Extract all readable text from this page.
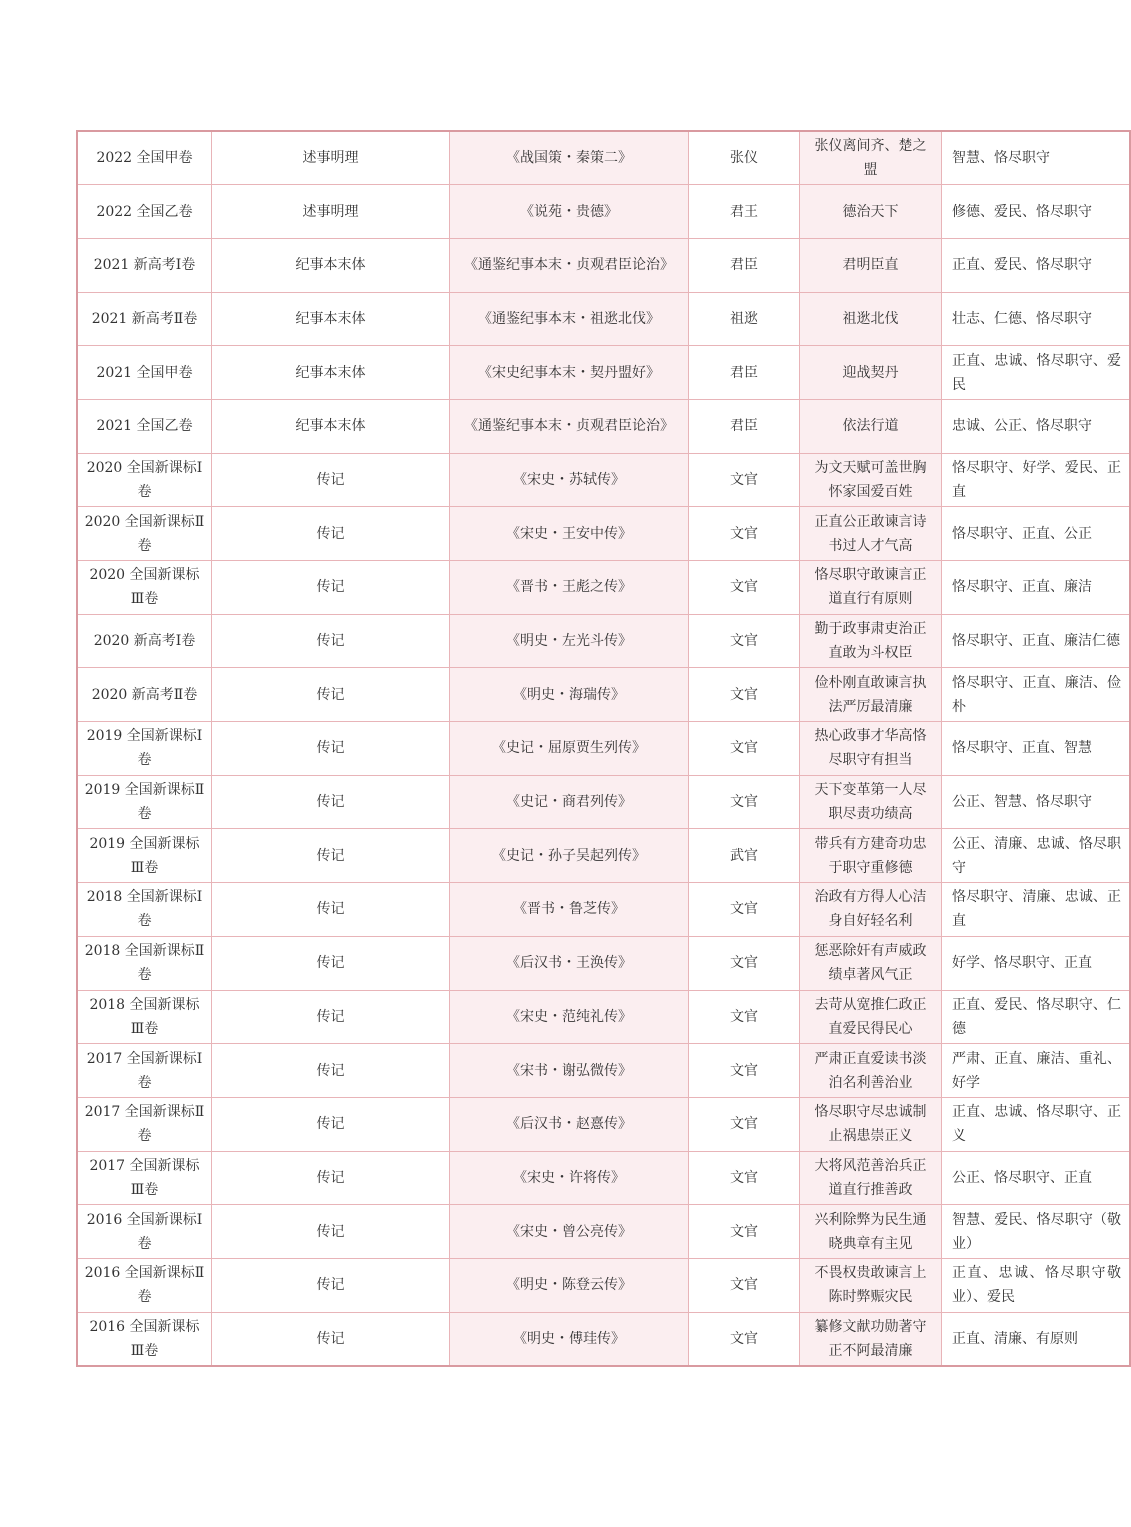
2022 全国甲卷	述事明理	《战国策・秦策二》	张仪	张仪离间齐、楚之盟	智慧、恪尽职守
2022 全国乙卷	述事明理	《说苑・贵德》	君王	德治天下	修德、爱民、恪尽职守
2021 新高考Ⅰ卷	纪事本末体	《通鉴纪事本末・贞观君臣论治》	君臣	君明臣直	正直、爱民、恪尽职守
2021 新高考Ⅱ卷	纪事本末体	《通鉴纪事本末・祖逖北伐》	祖逖	祖逖北伐	壮志、仁德、恪尽职守
2021 全国甲卷	纪事本末体	《宋史纪事本末・契丹盟好》	君臣	迎战契丹	正直、忠诚、恪尽职守、爱民
2021 全国乙卷	纪事本末体	《通鉴纪事本末・贞观君臣论治》	君臣	依法行道	忠诚、公正、恪尽职守
2020 全国新课标Ⅰ卷	传记	《宋史・苏轼传》	文官	为文天赋可盖世胸怀家国爱百姓	恪尽职守、好学、爱民、正直
2020 全国新课标Ⅱ卷	传记	《宋史・王安中传》	文官	正直公正敢谏言诗书过人才气高	恪尽职守、正直、公正
2020 全国新课标Ⅲ卷	传记	《晋书・王彪之传》	文官	恪尽职守敢谏言正道直行有原则	恪尽职守、正直、廉洁
2020 新高考Ⅰ卷	传记	《明史・左光斗传》	文官	勤于政事肃吏治正直敢为斗权臣	恪尽职守、正直、廉洁仁德
2020 新高考Ⅱ卷	传记	《明史・海瑞传》	文官	俭朴刚直敢谏言执法严厉最清廉	恪尽职守、正直、廉洁、俭朴
2019 全国新课标Ⅰ卷	传记	《史记・屈原贾生列传》	文官	热心政事才华高恪尽职守有担当	恪尽职守、正直、智慧
2019 全国新课标Ⅱ卷	传记	《史记・商君列传》	文官	天下变革第一人尽职尽责功绩高	公正、智慧、恪尽职守
2019 全国新课标Ⅲ卷	传记	《史记・孙子吴起列传》	武官	带兵有方建奇功忠于职守重修德	公正、清廉、忠诚、恪尽职守
2018 全国新课标Ⅰ卷	传记	《晋书・鲁芝传》	文官	治政有方得人心洁身自好轻名利	恪尽职守、清廉、忠诚、正直
2018 全国新课标Ⅱ卷	传记	《后汉书・王涣传》	文官	惩恶除奸有声威政绩卓著风气正	好学、恪尽职守、正直
2018 全国新课标Ⅲ卷	传记	《宋史・范纯礼传》	文官	去苛从宽推仁政正直爱民得民心	正直、爱民、恪尽职守、仁德
2017 全国新课标Ⅰ卷	传记	《宋书・谢弘微传》	文官	严肃正直爱读书淡泊名利善治业	严肃、正直、廉洁、重礼、好学
2017 全国新课标Ⅱ卷	传记	《后汉书・赵憙传》	文官	恪尽职守尽忠诚制止祸患崇正义	正直、忠诚、恪尽职守、正义
2017 全国新课标Ⅲ卷	传记	《宋史・许将传》	文官	大将风范善治兵正道直行推善政	公正、恪尽职守、正直
2016 全国新课标Ⅰ卷	传记	《宋史・曾公亮传》	文官	兴利除弊为民生通晓典章有主见	智慧、爱民、恪尽职守（敬业）
2016 全国新课标Ⅱ卷	传记	《明史・陈登云传》	文官	不畏权贵敢谏言上陈时弊赈灾民	正直、忠诚、恪尽职守敬业）、爱民
2016 全国新课标Ⅲ卷	传记	《明史・傅珪传》	文官	纂修文献功勋著守正不阿最清廉	正直、清廉、有原则
